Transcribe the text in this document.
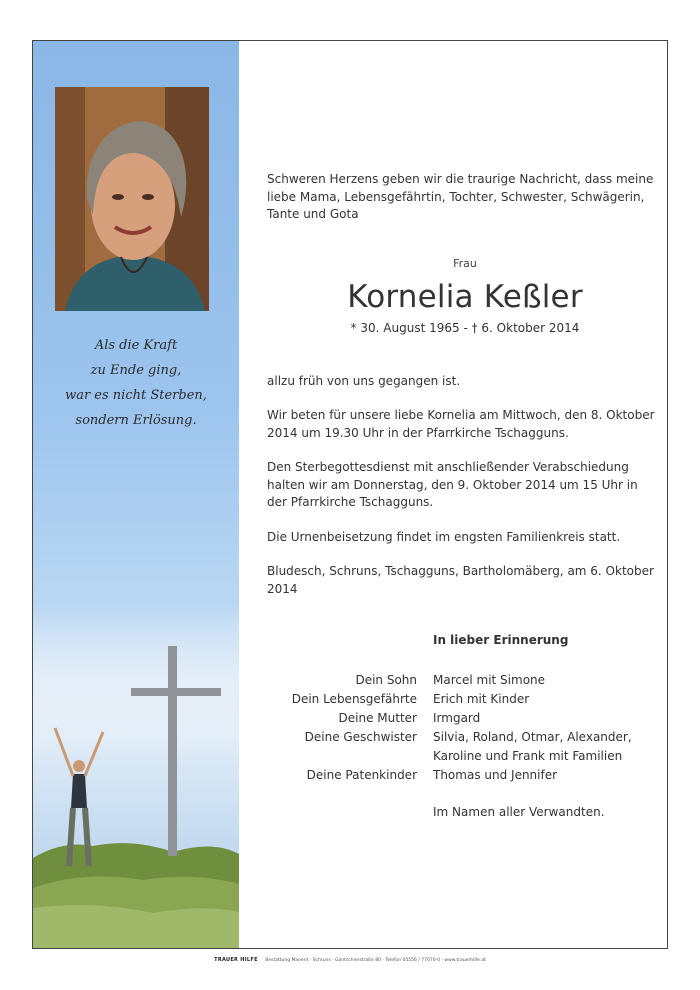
Als die Kraft
zu Ende ging,
war es nicht Sterben,
sondern Erlösung.
Schweren Herzens geben wir die traurige Nachricht, dass meine liebe Mama, Lebensgefährtin, Tochter, Schwester, Schwägerin, Tante und Gota
Frau
Kornelia Keßler
* 30. August 1965 - † 6. Oktober 2014
allzu früh von uns gegangen ist.
Wir beten für unsere liebe Kornelia am Mittwoch, den 8. Oktober 2014 um 19.30 Uhr in der Pfarrkirche Tschagguns.
Den Sterbegottesdienst mit anschließender Verabschiedung halten wir am Donnerstag, den 9. Oktober 2014 um 15 Uhr in der Pfarrkirche Tschagguns.
Die Urnenbeisetzung findet im engsten Familienkreis statt.
Bludesch, Schruns, Tschagguns, Bartholomäberg, am 6. Oktober 2014
In lieber Erinnerung
Dein Sohn Marcel mit Simone
Dein Lebensgefährte Erich mit Kinder
Deine Mutter Irmgard
Deine Geschwister Silvia, Roland, Otmar, Alexander, Karoline und Frank mit Familien
Deine Patenkinder Thomas und Jennifer
Im Namen aller Verwandten.
TRAUER HILFE Bestattung Manent · Schruns · Gantschierstraße 80 · Telefon 05556 / 77070-0 · www.trauerhilfe.at
